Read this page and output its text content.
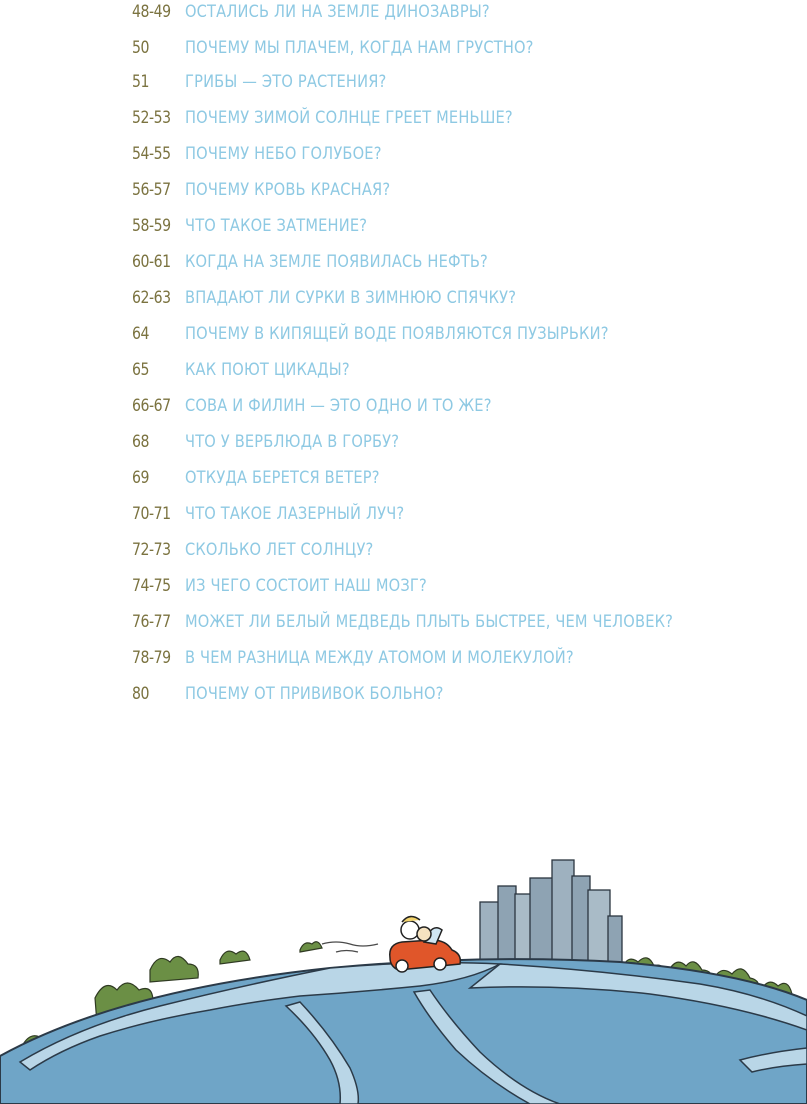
48-49 ОСТАЛИСЬ ЛИ НА ЗЕМЛЕ ДИНОЗАВРЫ?
50	ПОЧЕМУ МЫ ПЛАЧЕМ, КОГДА НАМ ГРУСТНО?
51	ГРИБЫ — ЭТО РАСТЕНИЯ?
52-53 ПОЧЕМУ ЗИМОЙ СОЛНЦЕ ГРЕЕТ МЕНЬШЕ?
54-55 ПОЧЕМУ НЕБО ГОЛУБОЕ?
56-57 ПОЧЕМУ КРОВЬ КРАСНАЯ?
58-59 ЧТО ТАКОЕ ЗАТМЕНИЕ?
60-61 КОГДА НА ЗЕМЛЕ ПОЯВИЛАСЬ НЕФТЬ?
62-63 ВПАДАЮТ ЛИ СУРКИ В ЗИМНЮЮ СПЯЧКУ?
64	ПОЧЕМУ В КИПЯЩЕЙ ВОДЕ ПОЯВЛЯЮТСЯ ПУЗЫРЬКИ?
65	КАК ПОЮТ ЦИКАДЫ?
66-67 СОВА И ФИЛИН — ЭТО ОДНО И ТО ЖЕ?
68	ЧТО У ВЕРБЛЮДА В ГОРБУ?
69	ОТКУДА БЕРЕТСЯ ВЕТЕР?
70-71 ЧТО ТАКОЕ ЛАЗЕРНЫЙ ЛУЧ?
72-73 СКОЛЬКО ЛЕТ СОЛНЦУ?
74-75 ИЗ ЧЕГО СОСТОИТ НАШ МОЗГ?
76-77 МОЖЕТ ЛИ БЕЛЫЙ МЕДВЕДЬ ПЛЫТЬ БЫСТРЕЕ, ЧЕМ ЧЕЛОВЕК?
78-79 В ЧЕМ РАЗНИЦА МЕЖДУ АТОМОМ И МОЛЕКУЛОЙ?
80	ПОЧЕМУ ОТ ПРИВИВОК БОЛЬНО?
